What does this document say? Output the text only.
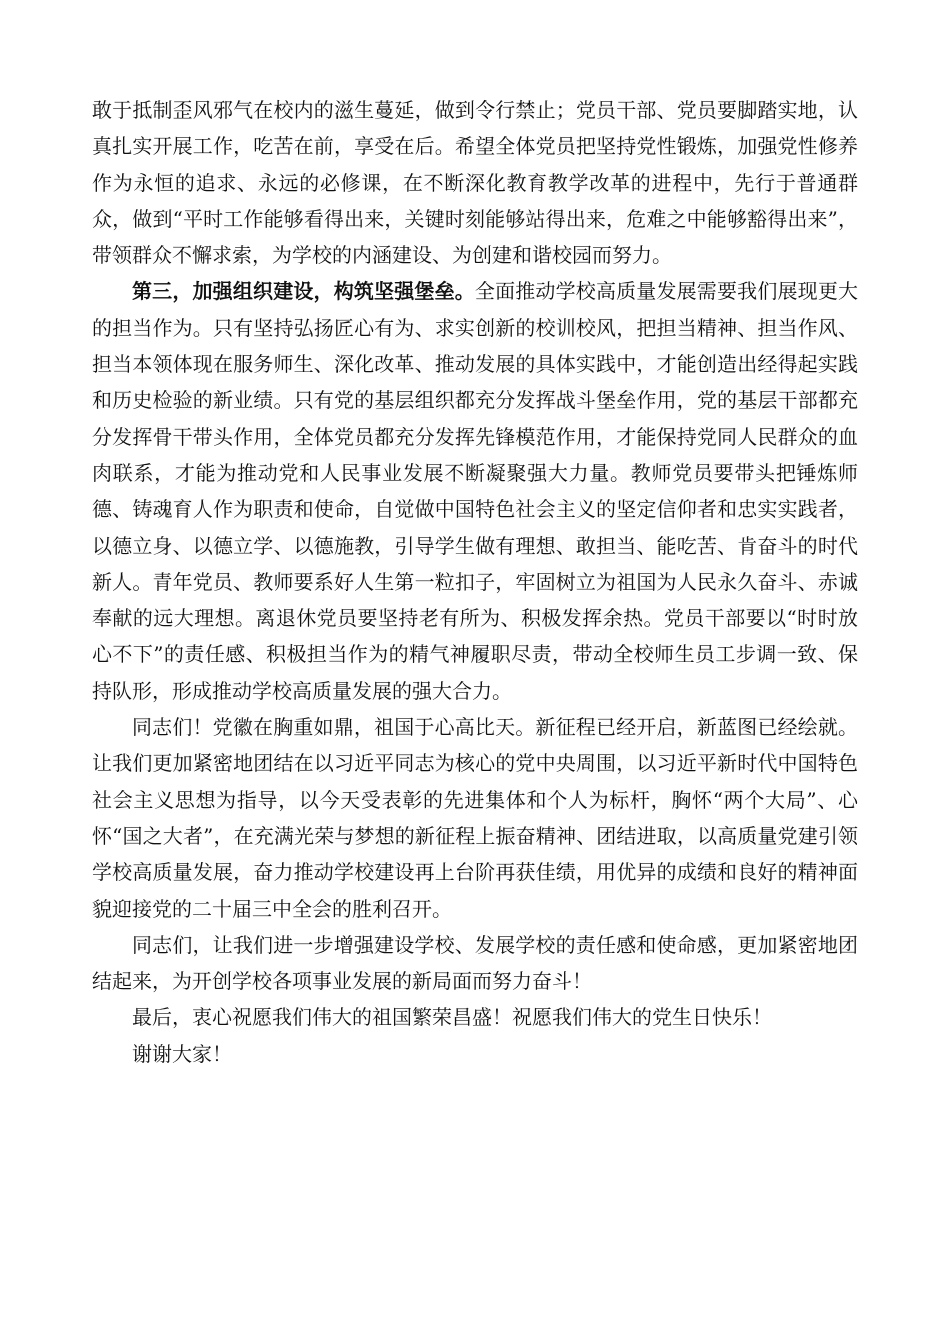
敢于抵制歪风邪气在校内的滋生蔓延，做到令行禁止；党员干部、党员要脚踏实地，认真扎实开展工作，吃苦在前，享受在后。希望全体党员把坚持党性锻炼，加强党性修养作为永恒的追求、永远的必修课，在不断深化教育教学改革的进程中，先行于普通群众，做到“平时工作能够看得出来，关键时刻能够站得出来，危难之中能够豁得出来”，带领群众不懈求索，为学校的内涵建设、为创建和谐校园而努力。

第三，加强组织建设，构筑坚强堡垒。全面推动学校高质量发展需要我们展现更大的担当作为。只有坚持弘扬匠心有为、求实创新的校训校风，把担当精神、担当作风、担当本领体现在服务师生、深化改革、推动发展的具体实践中，才能创造出经得起实践和历史检验的新业绩。只有党的基层组织都充分发挥战斗堡垒作用，党的基层干部都充分发挥骨干带头作用，全体党员都充分发挥先锋模范作用，才能保持党同人民群众的血肉联系，才能为推动党和人民事业发展不断凝聚强大力量。教师党员要带头把锤炼师德、铸魂育人作为职责和使命，自觉做中国特色社会主义的坚定信仰者和忠实实践者，以德立身、以德立学、以德施教，引导学生做有理想、敢担当、能吃苦、肯奋斗的时代新人。青年党员、教师要系好人生第一粒扣子，牢固树立为祖国为人民永久奋斗、赤诚奉献的远大理想。离退休党员要坚持老有所为、积极发挥余热。党员干部要以“时时放心不下”的责任感、积极担当作为的精气神履职尽责，带动全校师生员工步调一致、保持队形，形成推动学校高质量发展的强大合力。

同志们！党徽在胸重如鼎，祖国于心高比天。新征程已经开启，新蓝图已经绘就。让我们更加紧密地团结在以习近平同志为核心的党中央周围，以习近平新时代中国特色社会主义思想为指导，以今天受表彰的先进集体和个人为标杆，胸怀“两个大局”、心怀“国之大者”，在充满光荣与梦想的新征程上振奋精神、团结进取，以高质量党建引领学校高质量发展，奋力推动学校建设再上台阶再获佳绩，用优异的成绩和良好的精神面貌迎接党的二十届三中全会的胜利召开。

同志们，让我们进一步增强建设学校、发展学校的责任感和使命感，更加紧密地团结起来，为开创学校各项事业发展的新局面而努力奋斗！

最后，衷心祝愿我们伟大的祖国繁荣昌盛！祝愿我们伟大的党生日快乐！

谢谢大家！
